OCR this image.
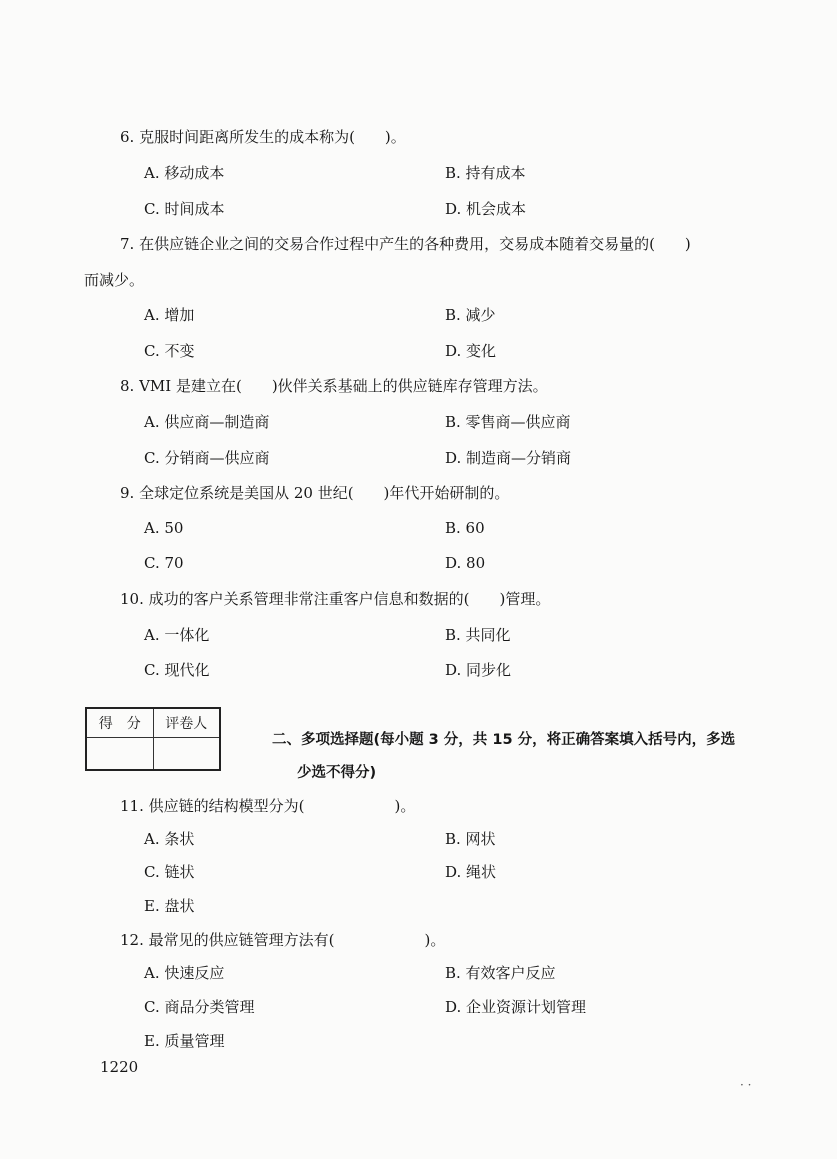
6. 克服时间距离所发生的成本称为(　　)。
A. 移动成本	B. 持有成本
C. 时间成本	D. 机会成本
7. 在供应链企业之间的交易合作过程中产生的各种费用，交易成本随着交易量的(　　)
而减少。
A. 增加	B. 减少
C. 不变	D. 变化
8. VMI 是建立在(　　)伙伴关系基础上的供应链库存管理方法。
A. 供应商—制造商	B. 零售商—供应商
C. 分销商—供应商	D. 制造商—分销商
9. 全球定位系统是美国从 20 世纪(　　)年代开始研制的。
A. 50	B. 60
C. 70	D. 80
10. 成功的客户关系管理非常注重客户信息和数据的(　　)管理。
A. 一体化	B. 共同化
C. 现代化	D. 同步化
得　分	评卷人

二、多项选择题(每小题 3 分，共 15 分，将正确答案填入括号内，多选
少选不得分)
11. 供应链的结构模型分为(　　　　　　)。
A. 条状	B. 网状
C. 链状	D. 绳状
E. 盘状
12. 最常见的供应链管理方法有(　　　　　　)。
A. 快速反应	B. 有效客户反应
C. 商品分类管理	D. 企业资源计划管理
E. 质量管理
1220
· ·
